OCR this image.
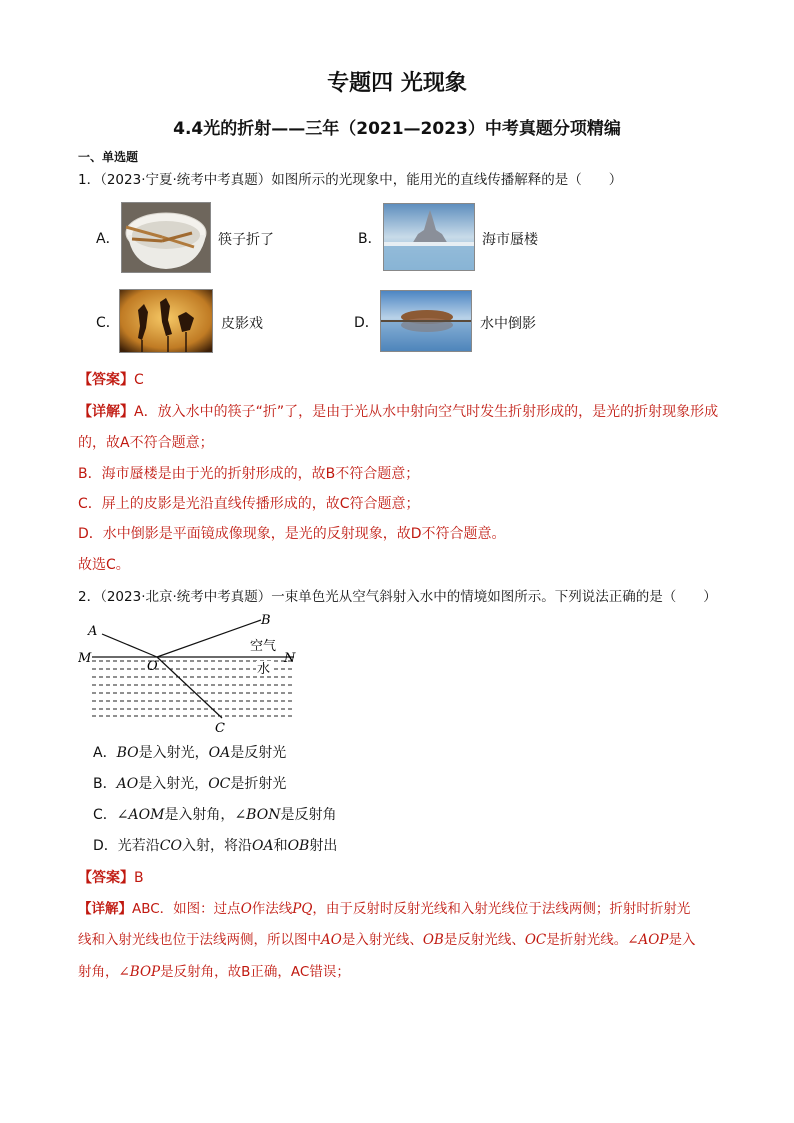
专题四 光现象
4.4光的折射——三年（2021—2023）中考真题分项精编
一、单选题
1．（2023·宁夏·统考中考真题）如图所示的光现象中，能用光的直线传播解释的是（　　）
A．	筷子折了	B．	海市蜃楼
C．	皮影戏	D．	水中倒影
【答案】C
【详解】A．放入水中的筷子“折”了，是由于光从水中射向空气时发生折射形成的，是光的折射现象形成
的，故A不符合题意；
B．海市蜃楼是由于光的折射形成的，故B不符合题意；
C．屏上的皮影是光沿直线传播形成的，故C符合题意；
D．水中倒影是平面镜成像现象，是光的反射现象，故D不符合题意。
故选C。
2．（2023·北京·统考中考真题）一束单色光从空气斜射入水中的情境如图所示。下列说法正确的是（　　）
A
B
M	N
O
C
空气
水
A．BO是入射光，OA是反射光
B．AO是入射光，OC是折射光
C．∠AOM是入射角，∠BON是反射角
D．光若沿CO入射，将沿OA和OB射出
【答案】B
【详解】ABC．如图：过点O作法线PQ，由于反射时反射光线和入射光线位于法线两侧；折射时折射光
线和入射光线也位于法线两侧，所以图中AO是入射光线、OB是反射光线、OC是折射光线。∠AOP是入
射角，∠BOP是反射角，故B正确，AC错误；
